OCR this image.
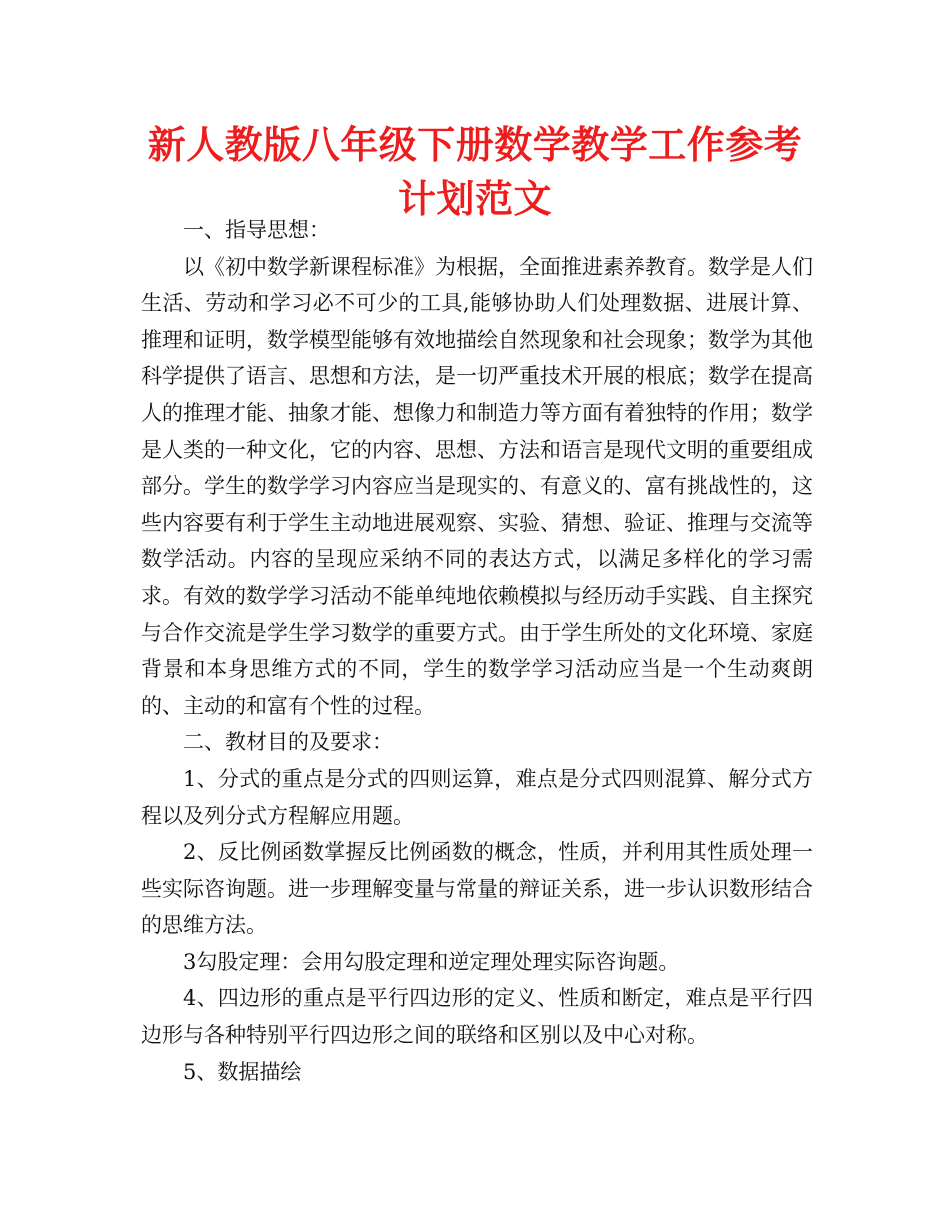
新人教版八年级下册数学教学工作参考计划范文

一、指导思想：

以《初中数学新课程标准》为根据，全面推进素养教育。数学是人们生活、劳动和学习必不可少的工具,能够协助人们处理数据、进展计算、推理和证明，数学模型能够有效地描绘自然现象和社会现象；数学为其他科学提供了语言、思想和方法，是一切严重技术开展的根底；数学在提高人的推理才能、抽象才能、想像力和制造力等方面有着独特的作用；数学是人类的一种文化，它的内容、思想、方法和语言是现代文明的重要组成部分。学生的数学学习内容应当是现实的、有意义的、富有挑战性的，这些内容要有利于学生主动地进展观察、实验、猜想、验证、推理与交流等数学活动。内容的呈现应采纳不同的表达方式，以满足多样化的学习需求。有效的数学学习活动不能单纯地依赖模拟与经历动手实践、自主探究与合作交流是学生学习数学的重要方式。由于学生所处的文化环境、家庭背景和本身思维方式的不同，学生的数学学习活动应当是一个生动爽朗的、主动的和富有个性的过程。

二、教材目的及要求：

1、分式的重点是分式的四则运算，难点是分式四则混算、解分式方程以及列分式方程解应用题。

2、反比例函数掌握反比例函数的概念，性质，并利用其性质处理一些实际咨询题。进一步理解变量与常量的辩证关系，进一步认识数形结合的思维方法。

3勾股定理：会用勾股定理和逆定理处理实际咨询题。

4、四边形的重点是平行四边形的定义、性质和断定，难点是平行四边形与各种特别平行四边形之间的联络和区别以及中心对称。

5、数据描绘
